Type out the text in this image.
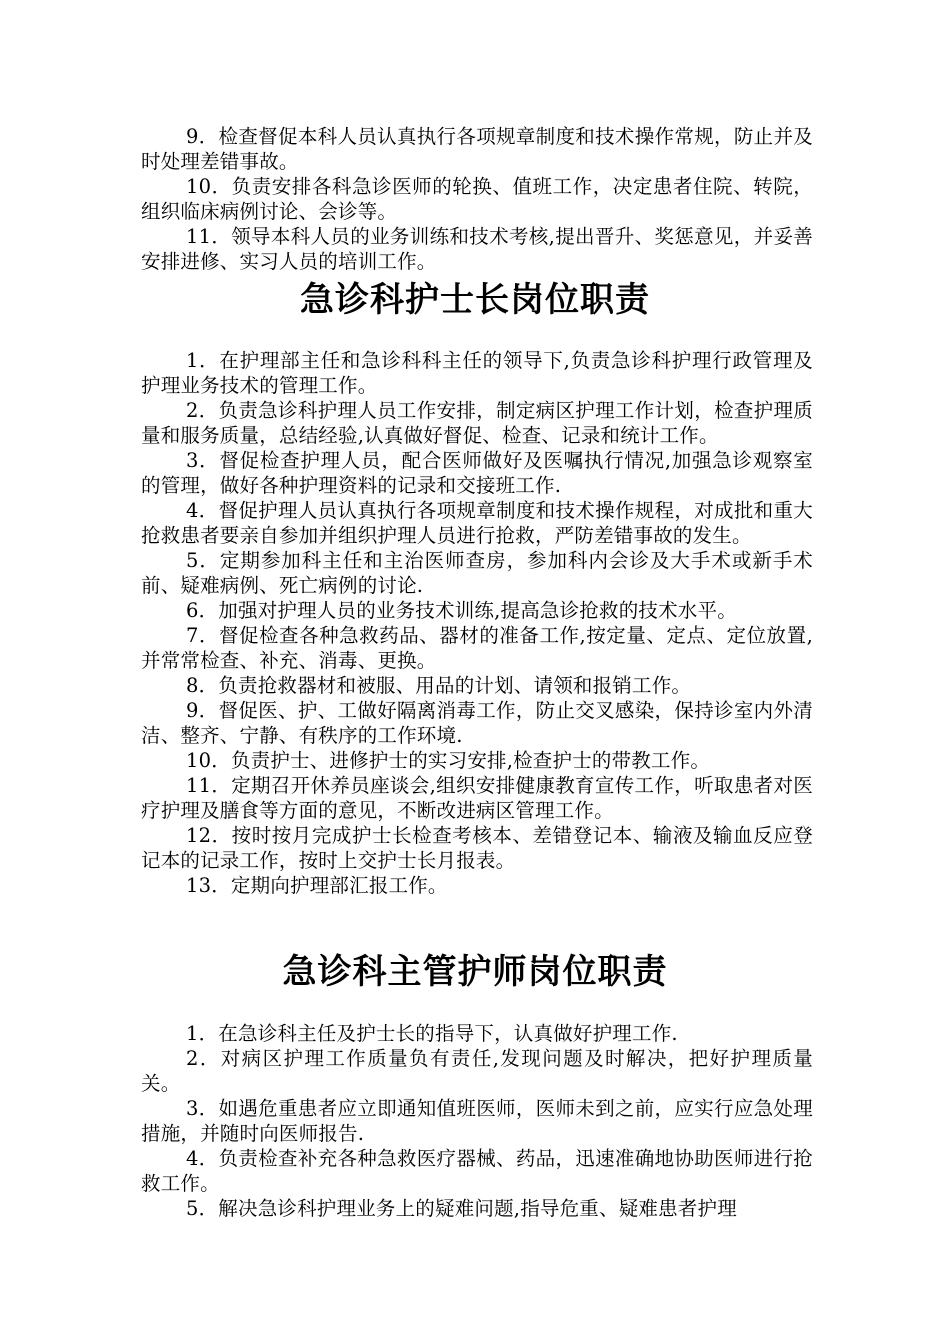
9．检查督促本科人员认真执行各项规章制度和技术操作常规，防止并及时处理差错事故。

10．负责安排各科急诊医师的轮换、值班工作，决定患者住院、转院，组织临床病例讨论、会诊等。

11．领导本科人员的业务训练和技术考核,提出晋升、奖惩意见，并妥善安排进修、实习人员的培训工作。

急诊科护士长岗位职责

1．在护理部主任和急诊科科主任的领导下,负责急诊科护理行政管理及护理业务技术的管理工作。

2．负责急诊科护理人员工作安排，制定病区护理工作计划，检查护理质量和服务质量，总结经验,认真做好督促、检查、记录和统计工作。

3．督促检查护理人员，配合医师做好及医嘱执行情况,加强急诊观察室的管理，做好各种护理资料的记录和交接班工作.

4．督促护理人员认真执行各项规章制度和技术操作规程，对成批和重大抢救患者要亲自参加并组织护理人员进行抢救，严防差错事故的发生。

5．定期参加科主任和主治医师查房，参加科内会诊及大手术或新手术前、疑难病例、死亡病例的讨论.

6．加强对护理人员的业务技术训练,提高急诊抢救的技术水平。

7．督促检查各种急救药品、器材的准备工作,按定量、定点、定位放置,并常常检查、补充、消毒、更换。

8．负责抢救器材和被服、用品的计划、请领和报销工作。

9．督促医、护、工做好隔离消毒工作，防止交叉感染，保持诊室内外清洁、整齐、宁静、有秩序的工作环境.

10．负责护士、进修护士的实习安排,检查护士的带教工作。

11．定期召开休养员座谈会,组织安排健康教育宣传工作，听取患者对医疗护理及膳食等方面的意见，不断改进病区管理工作。

12．按时按月完成护士长检查考核本、差错登记本、输液及输血反应登记本的记录工作，按时上交护士长月报表。

13．定期向护理部汇报工作。

急诊科主管护师岗位职责

1．在急诊科主任及护士长的指导下，认真做好护理工作.

2．对病区护理工作质量负有责任,发现问题及时解决，把好护理质量关。

3．如遇危重患者应立即通知值班医师，医师未到之前，应实行应急处理措施，并随时向医师报告.

4．负责检查补充各种急救医疗器械、药品，迅速准确地协助医师进行抢救工作。

5．解决急诊科护理业务上的疑难问题,指导危重、疑难患者护理
